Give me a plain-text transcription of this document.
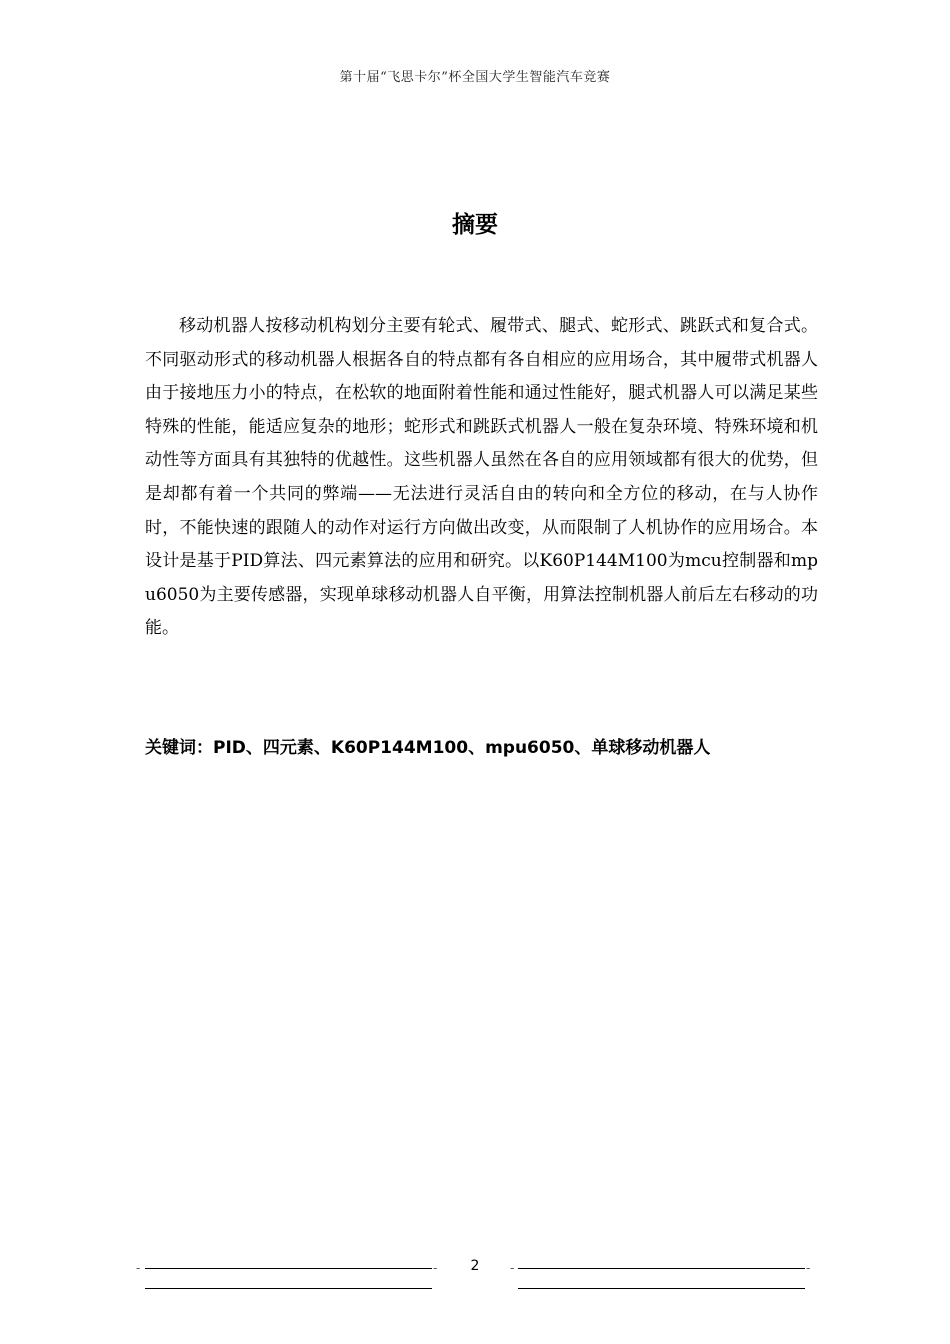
第十届“飞思卡尔”杯全国大学生智能汽车竞赛
摘要

移动机器人按移动机构划分主要有轮式、履带式、腿式、蛇形式、跳跃式和复合式。不同驱动形式的移动机器人根据各自的特点都有各自相应的应用场合，其中履带式机器人由于接地压力小的特点，在松软的地面附着性能和通过性能好，腿式机器人可以满足某些特殊的性能，能适应复杂的地形；蛇形式和跳跃式机器人一般在复杂环境、特殊环境和机动性等方面具有其独特的优越性。这些机器人虽然在各自的应用领域都有很大的优势，但是却都有着一个共同的弊端——无法进行灵活自由的转向和全方位的移动，在与人协作时，不能快速的跟随人的动作对运行方向做出改变，从而限制了人机协作的应用场合。本设计是基于PID算法、四元素算法的应用和研究。以K60P144M100为mcu控制器和mpu6050为主要传感器，实现单球移动机器人自平衡，用算法控制机器人前后左右移动的功能。

关键词：PID、四元素、K60P144M100、mpu6050、单球移动机器人

-	-	-	-
2
